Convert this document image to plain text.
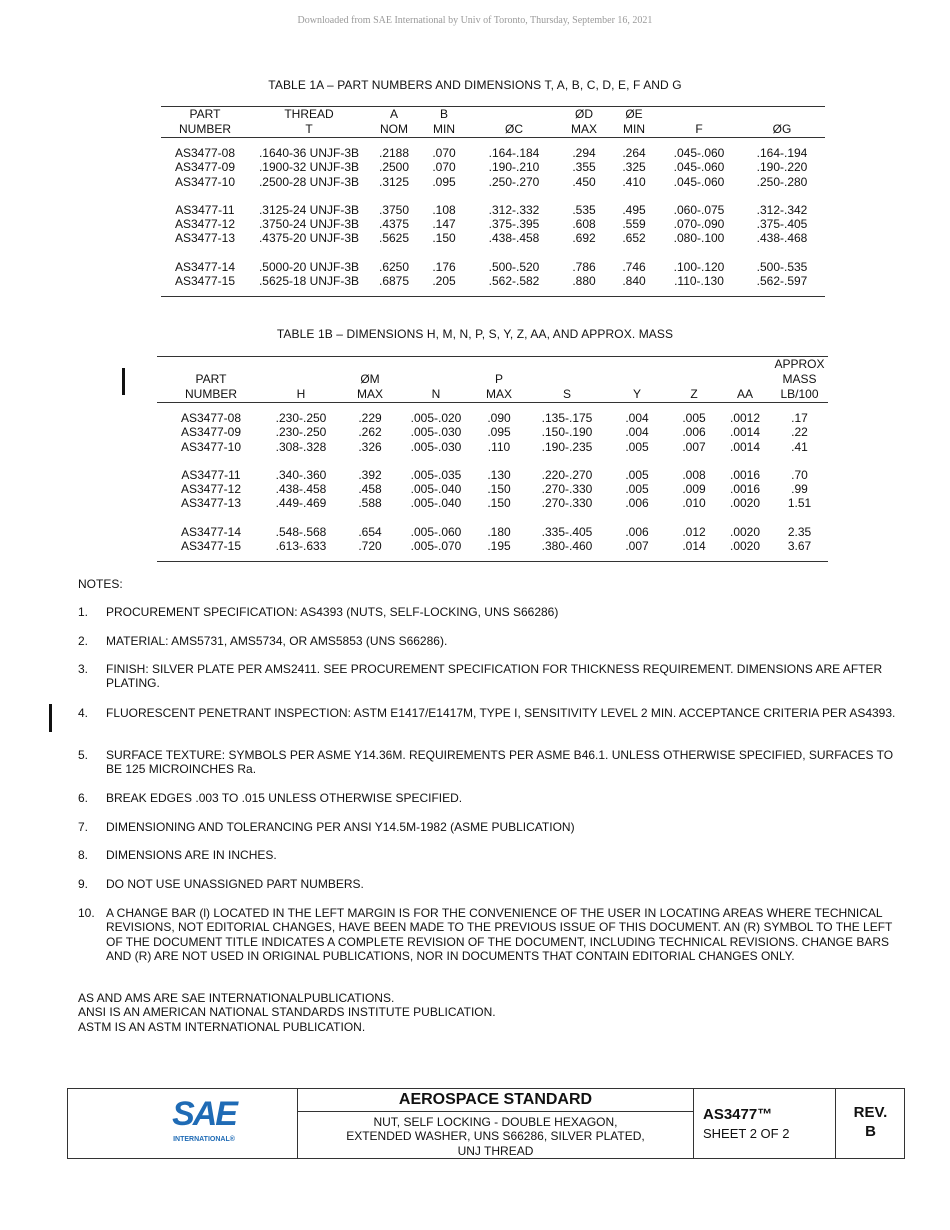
Downloaded from SAE International by Univ of Toronto, Thursday, September 16, 2021
TABLE 1A – PART NUMBERS AND DIMENSIONS T, A, B, C, D, E, F AND G
PART	THREAD	A	B		ØD	ØE		
NUMBER	T	NOM	MIN	ØC	MAX	MIN	F	ØG

AS3477-08	.1640-36 UNJF-3B	.2188	.070	.164-.184	.294	.264	.045-.060	.164-.194
AS3477-09	.1900-32 UNJF-3B	.2500	.070	.190-.210	.355	.325	.045-.060	.190-.220
AS3477-10	.2500-28 UNJF-3B	.3125	.095	.250-.270	.450	.410	.045-.060	.250-.280

AS3477-11	.3125-24 UNJF-3B	.3750	.108	.312-.332	.535	.495	.060-.075	.312-.342
AS3477-12	.3750-24 UNJF-3B	.4375	.147	.375-.395	.608	.559	.070-.090	.375-.405
AS3477-13	.4375-20 UNJF-3B	.5625	.150	.438-.458	.692	.652	.080-.100	.438-.468

AS3477-14	.5000-20 UNJF-3B	.6250	.176	.500-.520	.786	.746	.100-.120	.500-.535
AS3477-15	.5625-18 UNJF-3B	.6875	.205	.562-.582	.880	.840	.110-.130	.562-.597

TABLE 1B – DIMENSIONS H, M, N, P, S, Y, Z, AA, AND APPROX. MASS
									APPROX
PART		ØM		P					MASS
NUMBER	H	MAX	N	MAX	S	Y	Z	AA	LB/100

AS3477-08	.230-.250	.229	.005-.020	.090	.135-.175	.004	.005	.0012	.17
AS3477-09	.230-.250	.262	.005-.030	.095	.150-.190	.004	.006	.0014	.22
AS3477-10	.308-.328	.326	.005-.030	.110	.190-.235	.005	.007	.0014	.41

AS3477-11	.340-.360	.392	.005-.035	.130	.220-.270	.005	.008	.0016	.70
AS3477-12	.438-.458	.458	.005-.040	.150	.270-.330	.005	.009	.0016	.99
AS3477-13	.449-.469	.588	.005-.040	.150	.270-.330	.006	.010	.0020	1.51

AS3477-14	.548-.568	.654	.005-.060	.180	.335-.405	.006	.012	.0020	2.35
AS3477-15	.613-.633	.720	.005-.070	.195	.380-.460	.007	.014	.0020	3.67

NOTES:
1. PROCUREMENT SPECIFICATION: AS4393 (NUTS, SELF-LOCKING, UNS S66286)
2. MATERIAL: AMS5731, AMS5734, OR AMS5853 (UNS S66286).
3. FINISH: SILVER PLATE PER AMS2411. SEE PROCUREMENT SPECIFICATION FOR THICKNESS REQUIREMENT. DIMENSIONS ARE AFTER PLATING.
4. FLUORESCENT PENETRANT INSPECTION: ASTM E1417/E1417M, TYPE I, SENSITIVITY LEVEL 2 MIN. ACCEPTANCE CRITERIA PER AS4393.
5. SURFACE TEXTURE: SYMBOLS PER ASME Y14.36M. REQUIREMENTS PER ASME B46.1. UNLESS OTHERWISE SPECIFIED, SURFACES TO BE 125 MICROINCHES Ra.
6. BREAK EDGES .003 TO .015 UNLESS OTHERWISE SPECIFIED.
7. DIMENSIONING AND TOLERANCING PER ANSI Y14.5M-1982 (ASME PUBLICATION)
8. DIMENSIONS ARE IN INCHES.
9. DO NOT USE UNASSIGNED PART NUMBERS.
10. A CHANGE BAR (l) LOCATED IN THE LEFT MARGIN IS FOR THE CONVENIENCE OF THE USER IN LOCATING AREAS WHERE TECHNICAL REVISIONS, NOT EDITORIAL CHANGES, HAVE BEEN MADE TO THE PREVIOUS ISSUE OF THIS DOCUMENT. AN (R) SYMBOL TO THE LEFT OF THE DOCUMENT TITLE INDICATES A COMPLETE REVISION OF THE DOCUMENT, INCLUDING TECHNICAL REVISIONS. CHANGE BARS AND (R) ARE NOT USED IN ORIGINAL PUBLICATIONS, NOR IN DOCUMENTS THAT CONTAIN EDITORIAL CHANGES ONLY.
AS AND AMS ARE SAE INTERNATIONALPUBLICATIONS.
ANSI IS AN AMERICAN NATIONAL STANDARDS INSTITUTE PUBLICATION.
ASTM IS AN ASTM INTERNATIONAL PUBLICATION.
SAE
INTERNATIONAL®
AEROSPACE STANDARD
NUT, SELF LOCKING - DOUBLE HEXAGON,
EXTENDED WASHER, UNS S66286, SILVER PLATED,
UNJ THREAD
AS3477™
SHEET 2 OF 2
REV.
B
